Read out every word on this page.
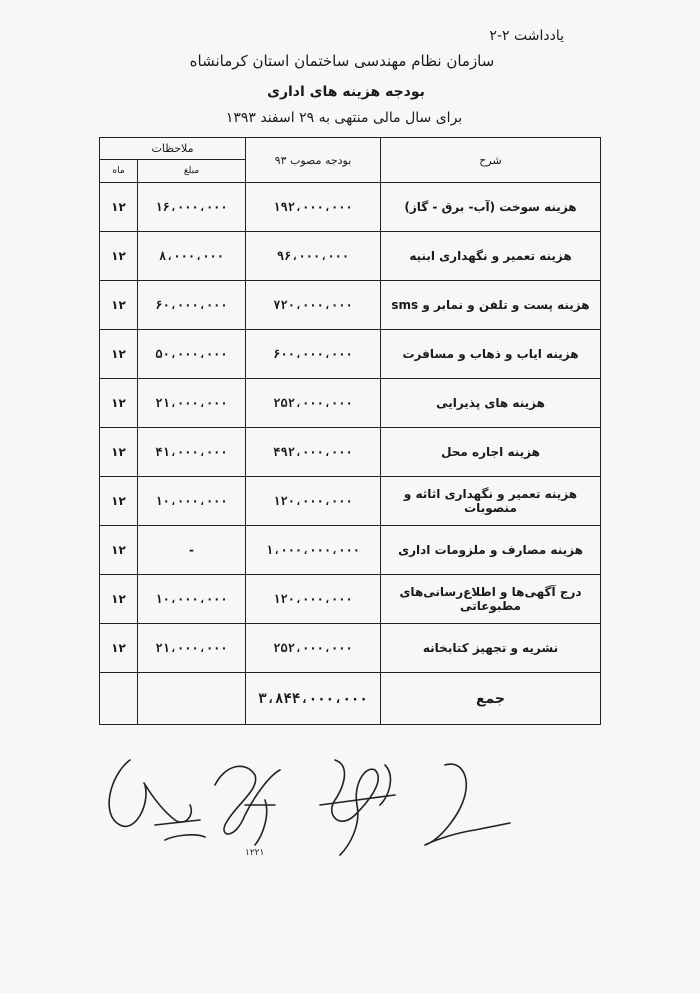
یادداشت ۲-۲
سازمان نظام مهندسی ساختمان استان کرمانشاه
بودجه هزینه های اداری
برای سال مالی منتهی به ۲۹ اسفند ۱۳۹۳
شرح	بودجه مصوب ۹۳	ملاحظات	
		مبلغ	ماه
هزینه سوخت (آب- برق - گاز)	۱۹۲،۰۰۰،۰۰۰	۱۶،۰۰۰،۰۰۰	۱۲
هزینه تعمیر و نگهداری ابنیه	۹۶،۰۰۰،۰۰۰	۸،۰۰۰،۰۰۰	۱۲
هزینه پست و تلفن و نمابر و sms	۷۲۰،۰۰۰،۰۰۰	۶۰،۰۰۰،۰۰۰	۱۲
هزینه ایاب و ذهاب و مسافرت	۶۰۰،۰۰۰،۰۰۰	۵۰،۰۰۰،۰۰۰	۱۲
هزینه های پذیرایی	۲۵۲،۰۰۰،۰۰۰	۲۱،۰۰۰،۰۰۰	۱۲
هزینه اجاره محل	۴۹۲،۰۰۰،۰۰۰	۴۱،۰۰۰،۰۰۰	۱۲
هزینه تعمیر و نگهداری اثاثه و منصوبات	۱۲۰،۰۰۰،۰۰۰	۱۰،۰۰۰،۰۰۰	۱۲
هزینه مصارف و ملزومات اداری	۱،۰۰۰،۰۰۰،۰۰۰	-	۱۲
درج آگهی‌ها و اطلاع‌رسانی‌های مطبوعاتی	۱۲۰،۰۰۰،۰۰۰	۱۰،۰۰۰،۰۰۰	۱۲
نشریه و تجهیز کتابخانه	۲۵۲،۰۰۰،۰۰۰	۲۱،۰۰۰،۰۰۰	۱۲
جمع	۳،۸۴۴،۰۰۰،۰۰۰		
١٢٢١
